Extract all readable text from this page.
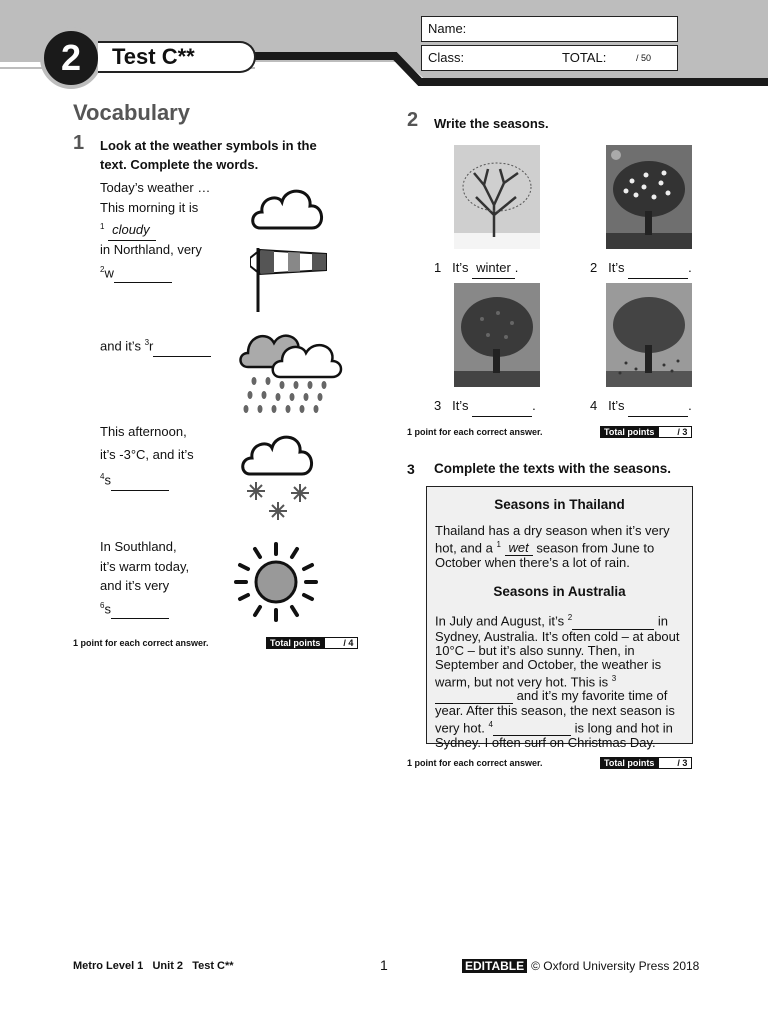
2	Test C**
Name:
Class:	TOTAL:	/ 50
Vocabulary
1 Look at the weather symbols in the
text. Complete the words.
Today’s weather …
This morning it is
$^1$ cloudy
in Northland, very
$^2$w
and it’s $^3$r
This afternoon,
it’s -3°C, and it’s
$^4$s
In Southland,
it’s warm today,
and it’s very
$^6$s
1 point for each correct answer.	Total points	/ 4
2 Write the seasons.
1 It’s winter .	2 It’s	.
3 It’s	.	4 It’s	.
1 point for each correct answer.	Total points	/ 3
3 Complete the texts with the seasons.
Seasons in Thailand

Thailand has a dry season when it’s very hot, and a $^1$ wet season from June to October when there’s a lot of rain.

Seasons in Australia

In July and August, it’s $^2$	in Sydney, Australia. It’s often cold – at about 10°C – but it’s also sunny. Then, in September and October, the weather is warm, but not very hot. This is $^3$  and it’s my favorite time of year. After this season, the next season is very hot. $^4$	is long and hot in Sydney. I often surf on Christmas Day.

1 point for each correct answer.	Total points	/ 3
Metro Level 1   Unit 2   Test C**	1	EDITABLE © Oxford University Press 2018
